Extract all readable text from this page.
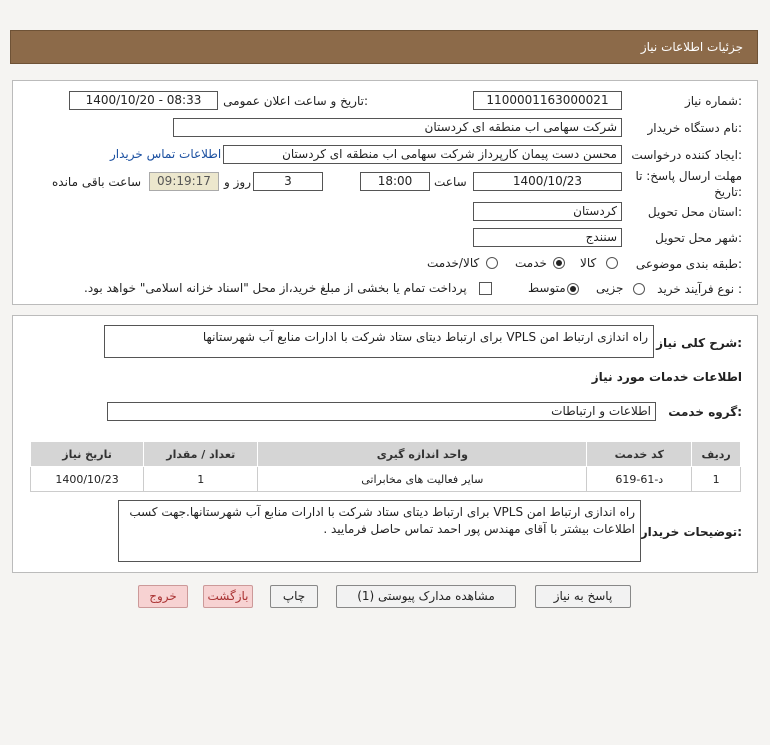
جزئیات اطلاعات نیاز
شماره نیاز:
1100001163000021
تاریخ و ساعت اعلان عمومی:
1400/10/20 - 08:33
نام دستگاه خریدار:
شرکت سهامی اب منطقه ای کردستان
ایجاد کننده درخواست:
محسن دست پیمان کارپرداز شرکت سهامی اب منطقه ای کردستان
اطلاعات تماس خریدار
مهلت ارسال پاسخ: تا تاریخ:
1400/10/23
ساعت
18:00
3
روز و
09:19:17
ساعت باقی مانده
استان محل تحویل:
کردستان
شهر محل تحویل:
سنندج
طبقه بندی موضوعی:
کالا
خدمت
کالا/خدمت
نوع فرآیند خرید :
جزیی
متوسط
پرداخت تمام یا بخشی از مبلغ خرید،از محل "اسناد خزانه اسلامی" خواهد بود.
شرح کلی نیاز:
راه اندازی ارتباط امن VPLS برای ارتباط دیتای ستاد شرکت با ادارات منابع آب شهرستانها
اطلاعات خدمات مورد نیاز
گروه خدمت:
اطلاعات و ارتباطات
ردیف	کد خدمت	واحد اندازه گیری	تعداد / مقدار	تاریخ نیاز
1	د-61-619	سایر فعالیت های مخابراتی	1	1400/10/23
توضیحات خریدار:
راه اندازی ارتباط امن VPLS برای ارتباط دیتای ستاد شرکت با ادارات منابع آب شهرستانها.جهت کسب اطلاعات بیشتر با آقای مهندس پور احمد تماس حاصل فرمایید .
پاسخ به نیاز
مشاهده مدارک پیوستی (1)
چاپ
بازگشت
خروج
